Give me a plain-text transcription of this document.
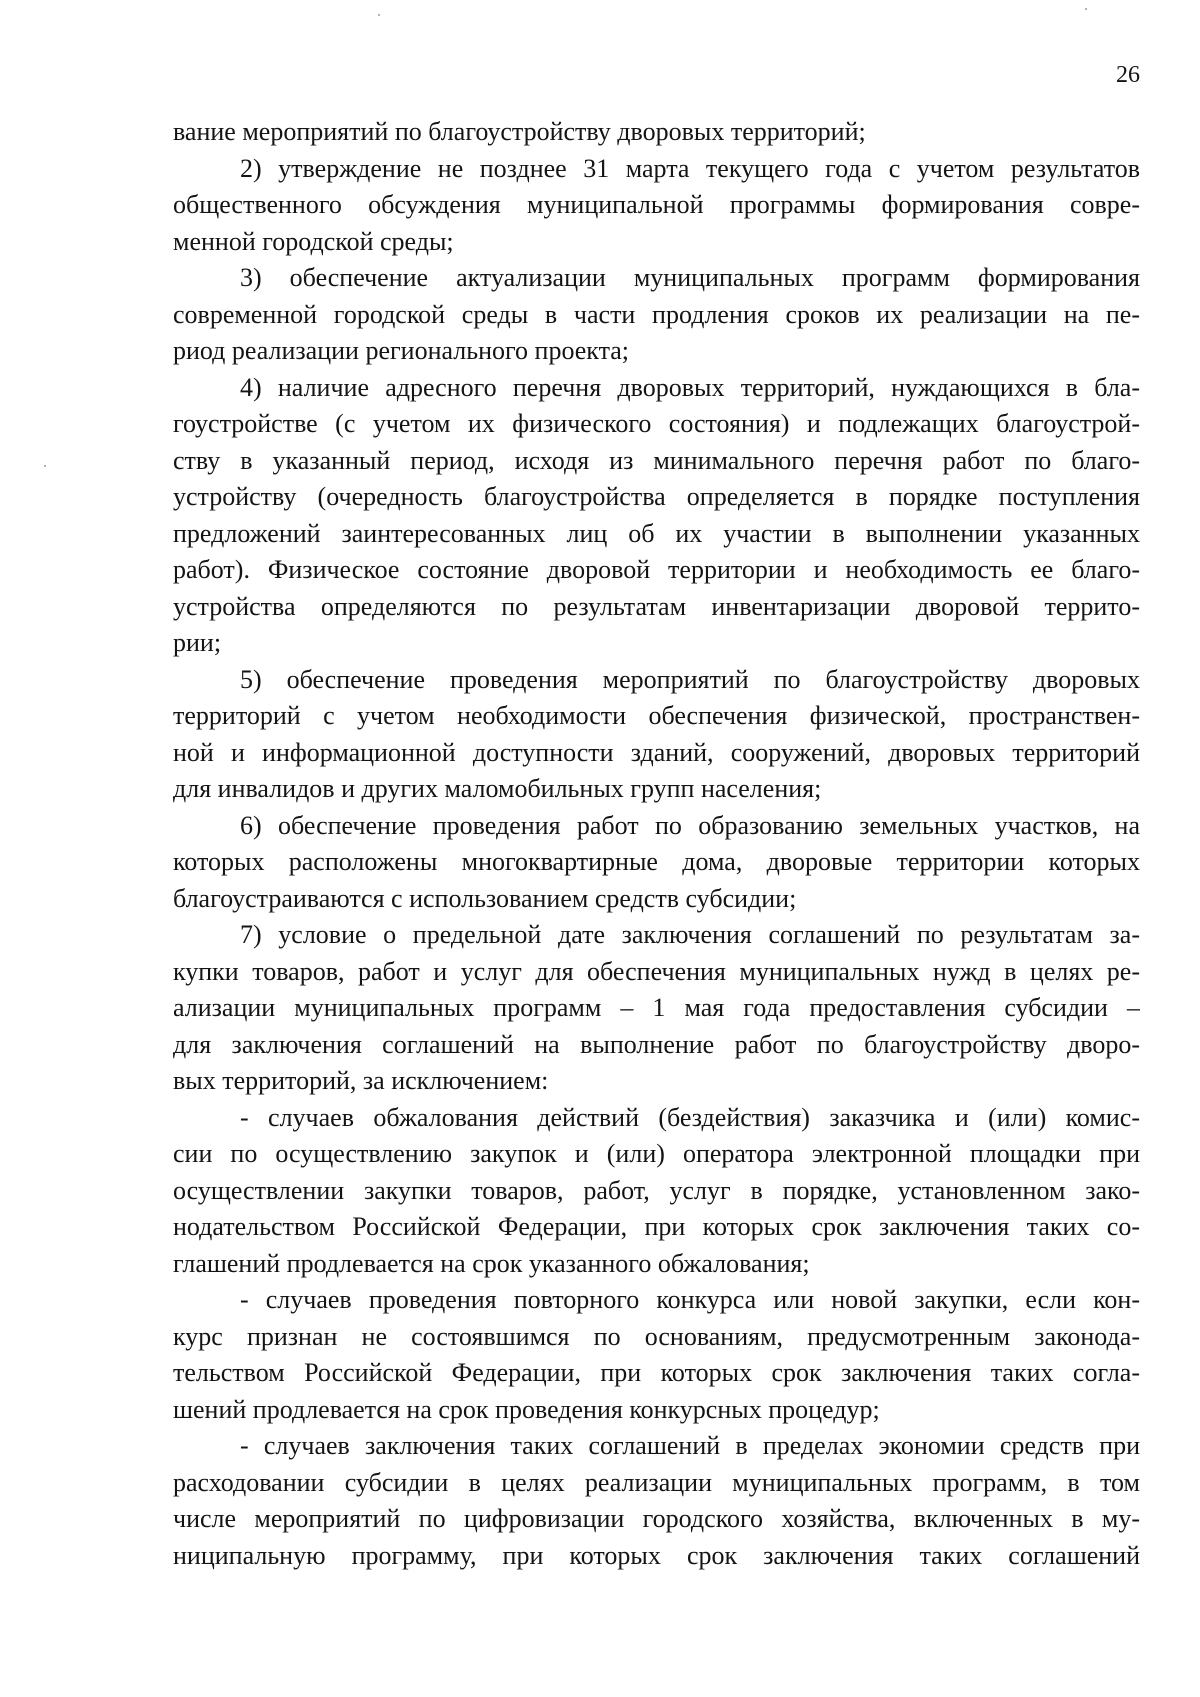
26
вание мероприятий по благоустройству дворовых территорий;
2) утверждение не позднее 31 марта текущего года с учетом результатов
общественного обсуждения муниципальной программы формирования совре-
менной городской среды;
3) обеспечение актуализации муниципальных программ формирования
современной городской среды в части продления сроков их реализации на пе-
риод реализации регионального проекта;
4) наличие адресного перечня дворовых территорий, нуждающихся в бла-
гоустройстве (с учетом их физического состояния) и подлежащих благоустрой-
ству в указанный период, исходя из минимального перечня работ по благо-
устройству (очередность благоустройства определяется в порядке поступления
предложений заинтересованных лиц об их участии в выполнении указанных
работ). Физическое состояние дворовой территории и необходимость ее благо-
устройства определяются по результатам инвентаризации дворовой террито-
рии;
5) обеспечение проведения мероприятий по благоустройству дворовых
территорий с учетом необходимости обеспечения физической, пространствен-
ной и информационной доступности зданий, сооружений, дворовых территорий
для инвалидов и других маломобильных групп населения;
6) обеспечение проведения работ по образованию земельных участков, на
которых расположены многоквартирные дома, дворовые территории которых
благоустраиваются с использованием средств субсидии;
7) условие о предельной дате заключения соглашений по результатам за-
купки товаров, работ и услуг для обеспечения муниципальных нужд в целях ре-
ализации муниципальных программ – 1 мая года предоставления субсидии –
для заключения соглашений на выполнение работ по благоустройству дворо-
вых территорий, за исключением:
- случаев обжалования действий (бездействия) заказчика и (или) комис-
сии по осуществлению закупок и (или) оператора электронной площадки при
осуществлении закупки товаров, работ, услуг в порядке, установленном зако-
нодательством Российской Федерации, при которых срок заключения таких со-
глашений продлевается на срок указанного обжалования;
- случаев проведения повторного конкурса или новой закупки, если кон-
курс признан не состоявшимся по основаниям, предусмотренным законода-
тельством Российской Федерации, при которых срок заключения таких согла-
шений продлевается на срок проведения конкурсных процедур;
- случаев заключения таких соглашений в пределах экономии средств при
расходовании субсидии в целях реализации муниципальных программ, в том
числе мероприятий по цифровизации городского хозяйства, включенных в му-
ниципальную программу, при которых срок заключения таких соглашений
